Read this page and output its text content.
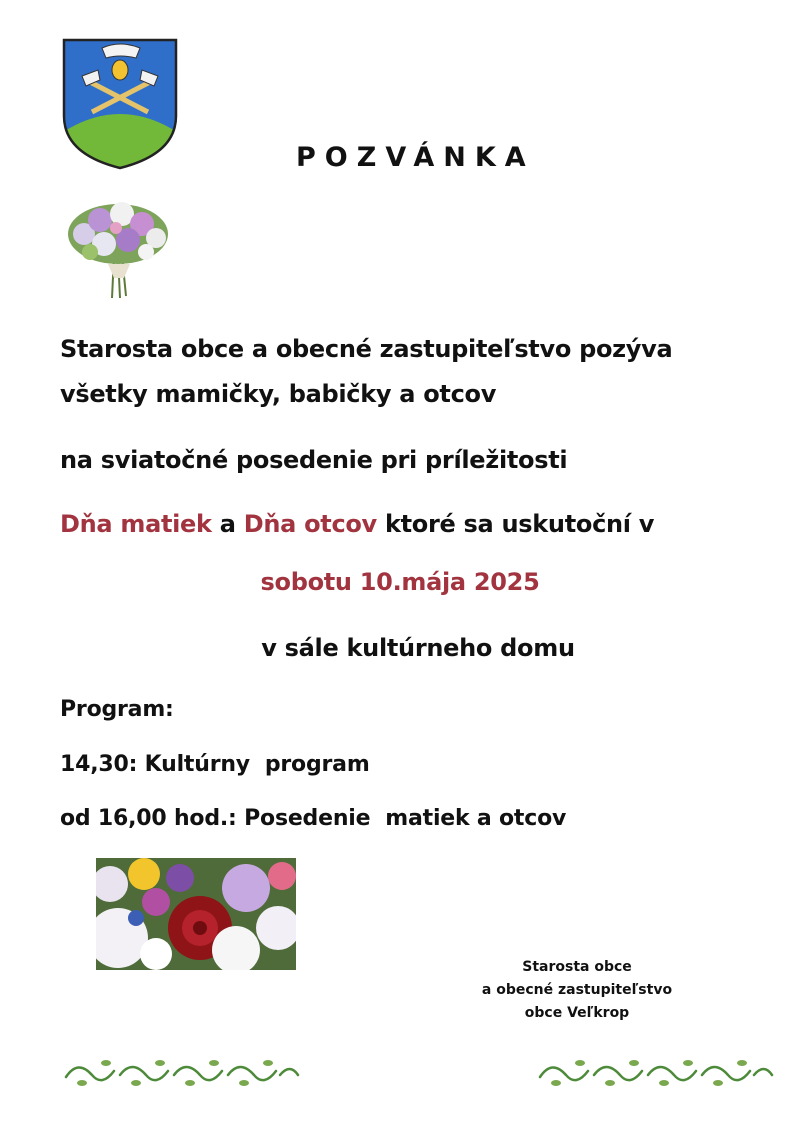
POZVÁNKA
Starosta obce a obecné zastupiteľstvo pozýva
všetky mamičky, babičky a otcov
na sviatočné posedenie pri príležitosti
Dňa matiek a Dňa otcov ktoré sa uskutoční v
sobotu 10.mája 2025
v sále kultúrneho domu
Program:
14,30: Kultúrny  program
od 16,00 hod.: Posedenie  matiek a otcov
Starosta obce
a obecné zastupiteľstvo
obce Veľkrop
